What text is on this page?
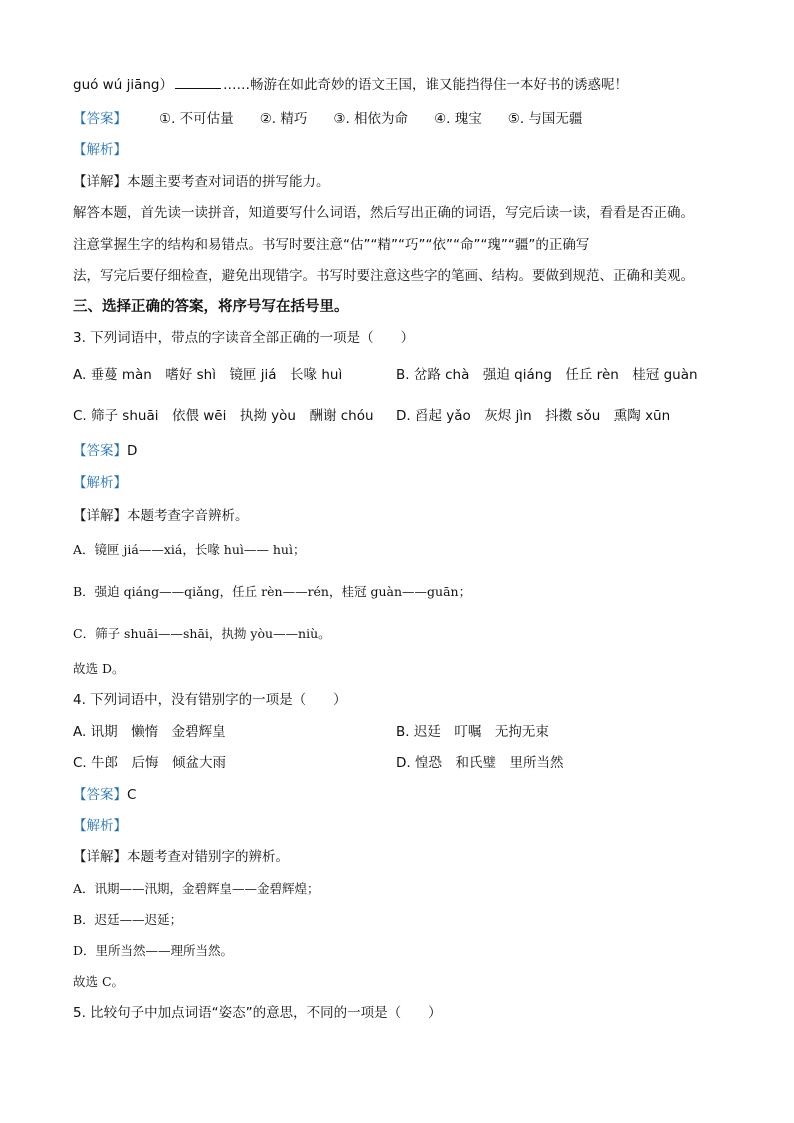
guó wú jiāng）	……畅游在如此奇妙的语文王国，谁又能挡得住一本好书的诱惑呢！
【答案】 ①. 不可估量 ②. 精巧 ③. 相依为命 ④. 瑰宝 ⑤. 与国无疆
【解析】
【详解】本题主要考查对词语的拼写能力。
解答本题，首先读一读拼音，知道要写什么词语，然后写出正确的词语，写完后读一读，看看是否正确。
注意掌握生字的结构和易错点。书写时要注意“估”“精”“巧”“依”“命”“瑰”“疆”的正确写
法，写完后要仔细检查，避免出现错字。书写时要注意这些字的笔画、结构。要做到规范、正确和美观。
三、选择正确的答案，将序号写在括号里。
3. 下列词语中，带点的字读音全部正确的一项是（　　）
A. 垂蔓 màn　嗜好 shì　镜匣 jiá　长喙 huì	B. 岔路 chà　强迫 qiáng　任丘 rèn　桂冠 guàn
C. 筛子 shuāi　依偎 wēi　执拗 yòu　酬谢 chóu D. 舀起 yǎo　灰烬 jìn　抖擞 sǒu　熏陶 xūn
【答案】D
【解析】
【详解】本题考查字音辨析。
A．镜匣 jiá——xiá，长喙 huì—— huì；
B．强迫 qiáng——qiǎng，任丘 rèn——rén，桂冠 guàn——guān；
C．筛子 shuāi——shāi，执拗 yòu——niù。
故选 D。
4. 下列词语中，没有错别字的一项是（　　）
A. 讯期　懒惰　金碧辉皇	B. 迟廷　叮嘱　无拘无束
C. 牛郎　后悔　倾盆大雨	D. 惶恐　和氏璧　里所当然
【答案】C
【解析】
【详解】本题考查对错别字的辨析。
A．讯期——汛期，金碧辉皇——金碧辉煌；
B．迟廷——迟延；
D．里所当然——理所当然。
故选 C。
5. 比较句子中加点词语“姿态”的意思，不同的一项是（　　）
